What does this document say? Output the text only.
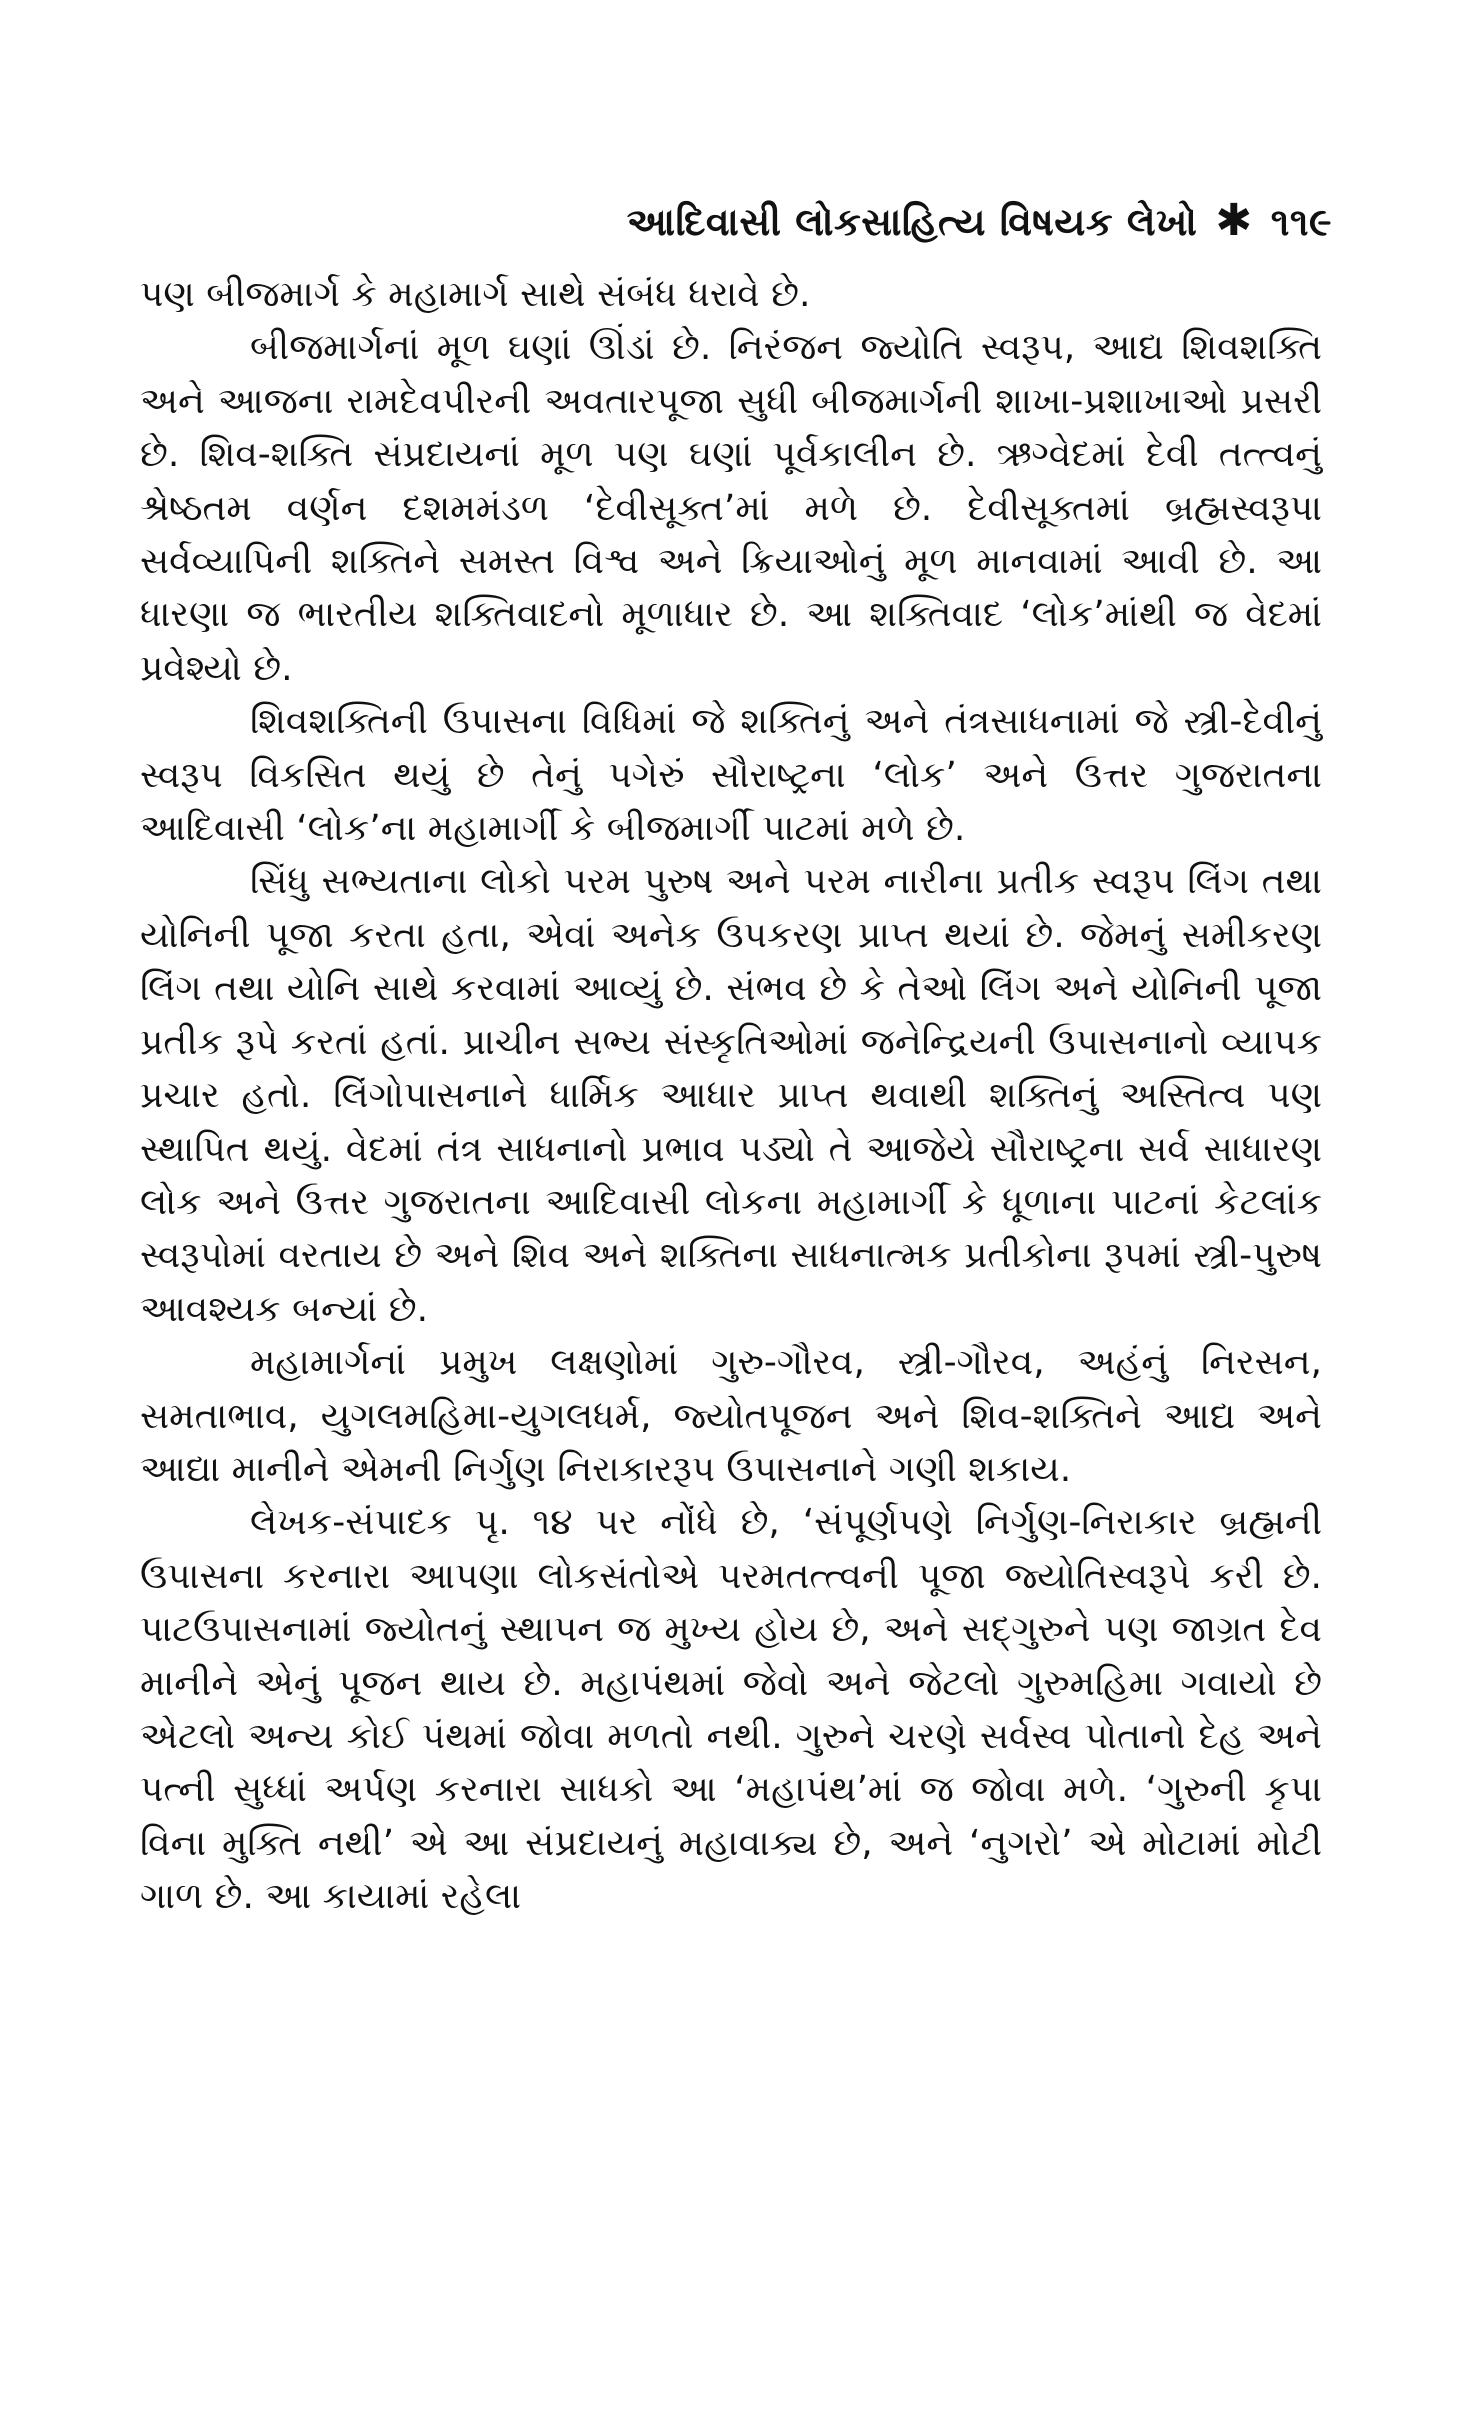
આદિવાસી લોકસાહિત્ય વિષયક લેખો ✱ ૧૧૯

પણ બીજમાર્ગ કે મહામાર્ગ સાથે સંબંધ ધરાવે છે.

બીજમાર્ગનાં મૂળ ઘણાં ઊંડાં છે. નિરંજન જ્યોતિ સ્વરૂપ, આદ્ય શિવશક્તિ અને આજના રામદેવપીરની અવતારપૂજા સુધી બીજમાર્ગની શાખા-પ્રશાખાઓ પ્રસરી છે. શિવ-શક્તિ સંપ્રદાયનાં મૂળ પણ ઘણાં પૂર્વકાલીન છે. ઋગ્વેદમાં દેવી તત્ત્વનું શ્રેષ્ઠતમ વર્ણન દશમમંડળ ‘દેવીસૂક્ત’માં મળે છે. દેવીસૂક્તમાં બ્રહ્મસ્વરૂપા સર્વવ્યાપિની શક્તિને સમસ્ત વિશ્વ અને ક્રિયાઓનું મૂળ માનવામાં આવી છે. આ ધારણા જ ભારતીય શક્તિવાદનો મૂળાધાર છે. આ શક્તિવાદ ‘લોક’માંથી જ વેદમાં પ્રવેશ્યો છે.

શિવશક્તિની ઉપાસના વિધિમાં જે શક્તિનું અને તંત્રસાધનામાં જે સ્ત્રી-દેવીનું સ્વરૂપ વિકસિત થયું છે તેનું પગેરું સૌરાષ્ટ્રના ‘લોક’ અને ઉત્તર ગુજરાતના આદિવાસી ‘લોક’ના મહામાર્ગી કે બીજમાર્ગી પાટમાં મળે છે.

સિંધુ સભ્યતાના લોકો પરમ પુરુષ અને પરમ નારીના પ્રતીક સ્વરૂપ લિંગ તથા યોનિની પૂજા કરતા હતા, એવાં અનેક ઉપકરણ પ્રાપ્ત થયાં છે. જેમનું સમીકરણ લિંગ તથા યોનિ સાથે કરવામાં આવ્યું છે. સંભવ છે કે તેઓ લિંગ અને યોનિની પૂજા પ્રતીક રૂપે કરતાં હતાં. પ્રાચીન સભ્ય સંસ્કૃતિઓમાં જનેન્દ્રિયની ઉપાસનાનો વ્યાપક પ્રચાર હતો. લિંગોપાસનાને ધાર્મિક આધાર પ્રાપ્ત થવાથી શક્તિનું અસ્તિત્વ પણ સ્થાપિત થયું. વેદમાં તંત્ર સાધનાનો પ્રભાવ પડ્યો તે આજેયે સૌરાષ્ટ્રના સર્વ સાધારણ લોક અને ઉત્તર ગુજરાતના આદિવાસી લોકના મહામાર્ગી કે ધૂળાના પાટનાં કેટલાંક સ્વરૂપોમાં વરતાય છે અને શિવ અને શક્તિના સાધનાત્મક પ્રતીકોના રૂપમાં સ્ત્રી-પુરુષ આવશ્યક બન્યાં છે.

મહામાર્ગનાં પ્રમુખ લક્ષણોમાં ગુરુ-ગૌરવ, સ્ત્રી-ગૌરવ, અહંનું નિરસન, સમતાભાવ, યુગલમહિમા-યુગલધર્મ, જ્યોતપૂજન અને શિવ-શક્તિને આદ્ય અને આદ્યા માનીને એમની નિર્ગુણ નિરાકારરૂપ ઉપાસનાને ગણી શકાય.

લેખક-સંપાદક પૃ. ૧૪ પર નોંધે છે, ‘સંપૂર્ણપણે નિર્ગુણ-નિરાકાર બ્રહ્મની ઉપાસના કરનારા આપણા લોકસંતોએ પરમતત્ત્વની પૂજા જ્યોતિસ્વરૂપે કરી છે. પાટઉપાસનામાં જ્યોતનું સ્થાપન જ મુખ્ય હોય છે, અને સદ્‌ગુરુને પણ જાગ્રત દેવ માનીને એનું પૂજન થાય છે. મહાપંથમાં જેવો અને જેટલો ગુરુમહિમા ગવાયો છે એટલો અન્ય કોઈ પંથમાં જોવા મળતો નથી. ગુરુને ચરણે સર્વસ્વ પોતાનો દેહ અને પત્ની સુધ્ધાં અર્પણ કરનારા સાધકો આ ‘મહાપંથ’માં જ જોવા મળે. ‘ગુરુની કૃપા વિના મુક્તિ નથી’ એ આ સંપ્રદાયનું મહાવાક્ય છે, અને ‘નુગરો’ એ મોટામાં મોટી ગાળ છે. આ કાયામાં રહેલા
